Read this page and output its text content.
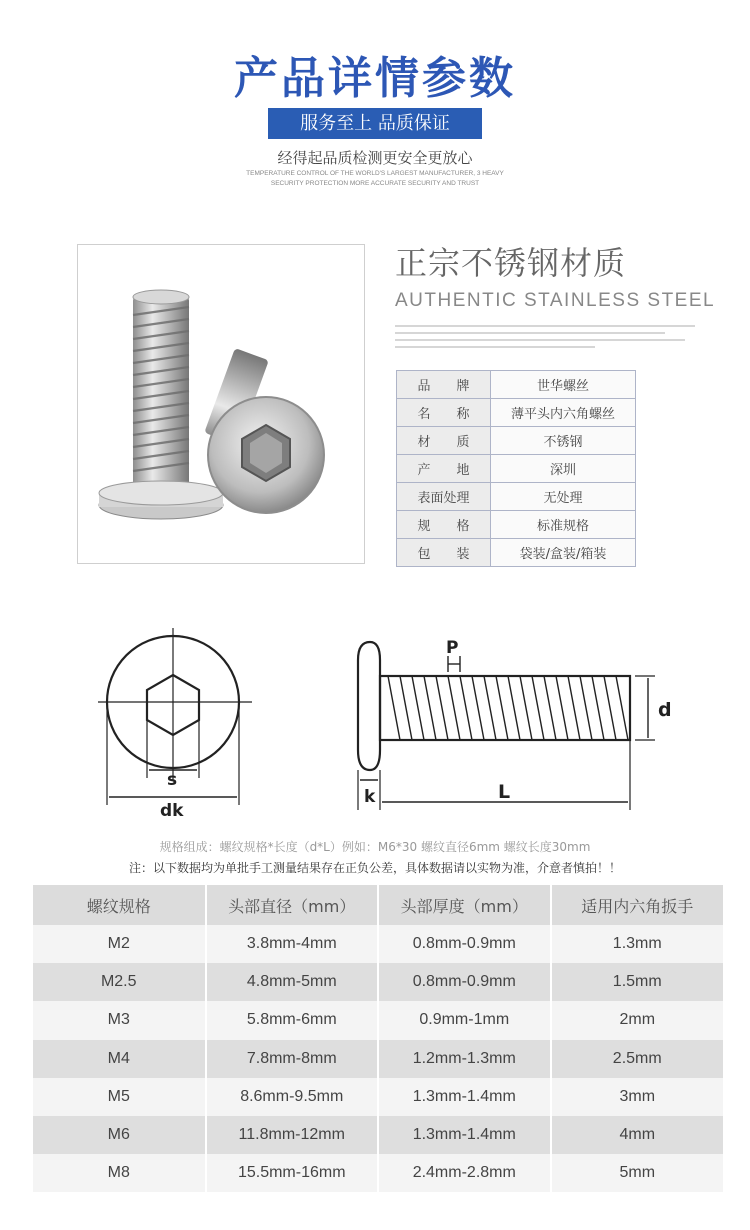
产品详情参数
服务至上 品质保证
经得起品质检测更安全更放心
TEMPERATURE CONTROL OF THE WORLD'S LARGEST MANUFACTURER, 3 HEAVY
SECURITY PROTECTION MORE ACCURATE SECURITY AND TRUST
正宗不锈钢材质
AUTHENTIC STAINLESS STEEL
品　　牌	世华螺丝
名　　称	薄平头内六角螺丝
材　　质	不锈钢
产　　地	深圳
表面处理	无处理
规　　格	标准规格
包　　装	袋装/盒装/箱装
s
dk
P
d
k	L
规格组成：螺纹规格*长度（d*L）例如：M6*30 螺纹直径6mm 螺纹长度30mm
注：以下数据均为单批手工测量结果存在正负公差，具体数据请以实物为准，介意者慎拍！！
螺纹规格	头部直径（mm）	头部厚度（mm）	适用内六角扳手
M2	3.8mm-4mm	0.8mm-0.9mm	1.3mm
M2.5	4.8mm-5mm	0.8mm-0.9mm	1.5mm
M3	5.8mm-6mm	0.9mm-1mm	2mm
M4	7.8mm-8mm	1.2mm-1.3mm	2.5mm
M5	8.6mm-9.5mm	1.3mm-1.4mm	3mm
M6	11.8mm-12mm	1.3mm-1.4mm	4mm
M8	15.5mm-16mm	2.4mm-2.8mm	5mm
